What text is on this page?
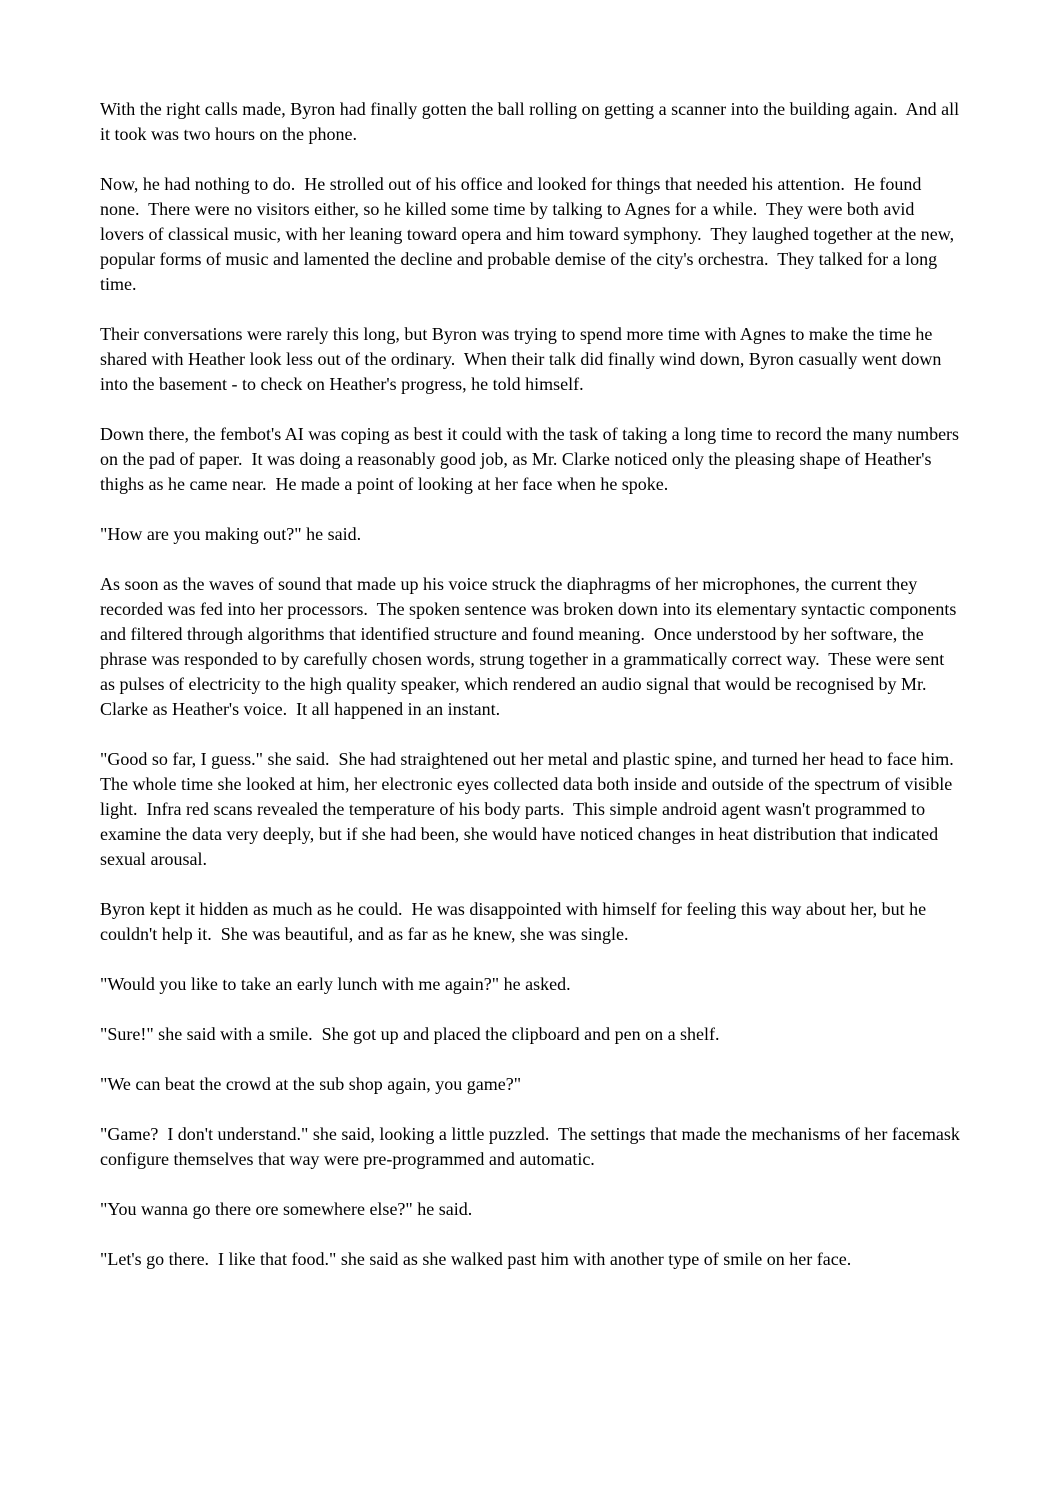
With the right calls made, Byron had finally gotten the ball rolling on getting a scanner into the building again.  And all it took was two hours on the phone.

Now, he had nothing to do.  He strolled out of his office and looked for things that needed his attention.  He found none.  There were no visitors either, so he killed some time by talking to Agnes for a while.  They were both avid lovers of classical music, with her leaning toward opera and him toward symphony.  They laughed together at the new, popular forms of music and lamented the decline and probable demise of the city's orchestra.  They talked for a long time.

Their conversations were rarely this long, but Byron was trying to spend more time with Agnes to make the time he shared with Heather look less out of the ordinary.  When their talk did finally wind down, Byron casually went down into the basement - to check on Heather's progress, he told himself.

Down there, the fembot's AI was coping as best it could with the task of taking a long time to record the many numbers on the pad of paper.  It was doing a reasonably good job, as Mr. Clarke noticed only the pleasing shape of Heather's thighs as he came near.  He made a point of looking at her face when he spoke.

"How are you making out?" he said.

As soon as the waves of sound that made up his voice struck the diaphragms of her microphones, the current they recorded was fed into her processors.  The spoken sentence was broken down into its elementary syntactic components and filtered through algorithms that identified structure and found meaning.  Once understood by her software, the phrase was responded to by carefully chosen words, strung together in a grammatically correct way.  These were sent as pulses of electricity to the high quality speaker, which rendered an audio signal that would be recognised by Mr. Clarke as Heather's voice.  It all happened in an instant.

"Good so far, I guess." she said.  She had straightened out her metal and plastic spine, and turned her head to face him.  The whole time she looked at him, her electronic eyes collected data both inside and outside of the spectrum of visible light.  Infra red scans revealed the temperature of his body parts.  This simple android agent wasn't programmed to examine the data very deeply, but if she had been, she would have noticed changes in heat distribution that indicated sexual arousal.

Byron kept it hidden as much as he could.  He was disappointed with himself for feeling this way about her, but he couldn't help it.  She was beautiful, and as far as he knew, she was single.

"Would you like to take an early lunch with me again?" he asked.

"Sure!" she said with a smile.  She got up and placed the clipboard and pen on a shelf.

"We can beat the crowd at the sub shop again, you game?"

"Game?  I don't understand." she said, looking a little puzzled.  The settings that made the mechanisms of her facemask configure themselves that way were pre-programmed and automatic.

"You wanna go there ore somewhere else?" he said.

"Let's go there.  I like that food." she said as she walked past him with another type of smile on her face.
